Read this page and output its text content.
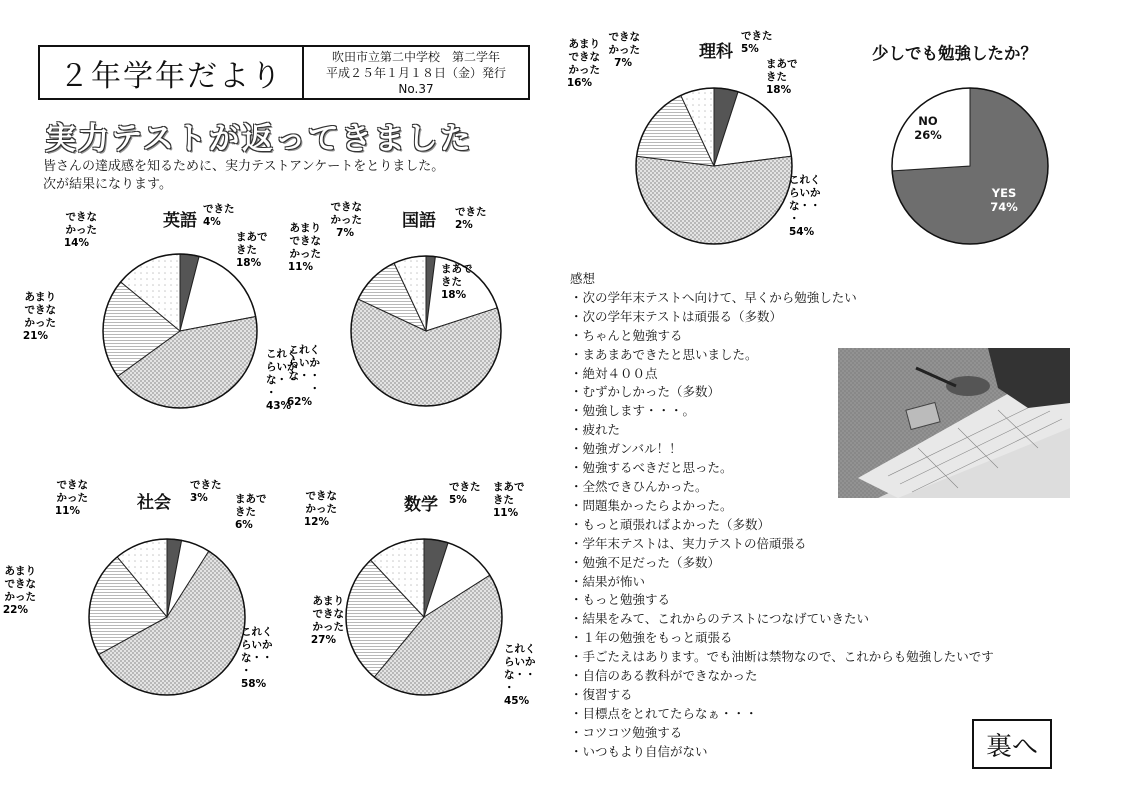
２年学年だより
吹田市立第二中学校　第二学年
平成２５年１月１８日（金）発行
No.37
実力テストが返ってきました
皆さんの達成感を知るために、実力テストアンケートをとりました。
次が結果になります。
できた
4%
まあで
きた
18%
これく
らいか
な・・
・
43%
あまり
できな
かった
21%
できな
かった
14%
できた
2%
まあで
きた
18%
これく
らいか
な・・
・
62%
あまり
できな
かった
11%
できな
かった
7%
できた
3%	まあで
きた
6%
これく
らいか
な・・
・
58%
あまり
できな
かった
22%
できな
かった
11%
できた
5%
まあで
きた
11%
これく
らいか
な・・
・
45%
あまり
できな
かった
27%
できな
かった
12%
できた
5%
まあで
きた
18%
これく
らいか
な・・
・
54%
あまり
できな
かった
16%
できな
かった
7%
YES
74%
NO
26%
英語	国語
社会	数学
理科	少しでも勉強したか？
感想
・次の学年末テストへ向けて、早くから勉強したい
・次の学年末テストは頑張る（多数）
・ちゃんと勉強する
・まあまあできたと思いました。
・絶対４００点
・むずかしかった（多数）
・勉強します・・・。
・疲れた
・勉強ガンバル！！
・勉強するべきだと思った。
・全然できひんかった。
・問題集かったらよかった。
・もっと頑張ればよかった（多数）
・学年末テストは、実力テストの倍頑張る
・勉強不足だった（多数）
・結果が怖い
・もっと勉強する
・結果をみて、これからのテストにつなげていきたい
・１年の勉強をもっと頑張る
・手ごたえはあります。でも油断は禁物なので、これからも勉強したいです
・自信のある教科ができなかった
・復習する
・目標点をとれてたらなぁ・・・
・コツコツ勉強する
・いつもより自信がない	裏へ
